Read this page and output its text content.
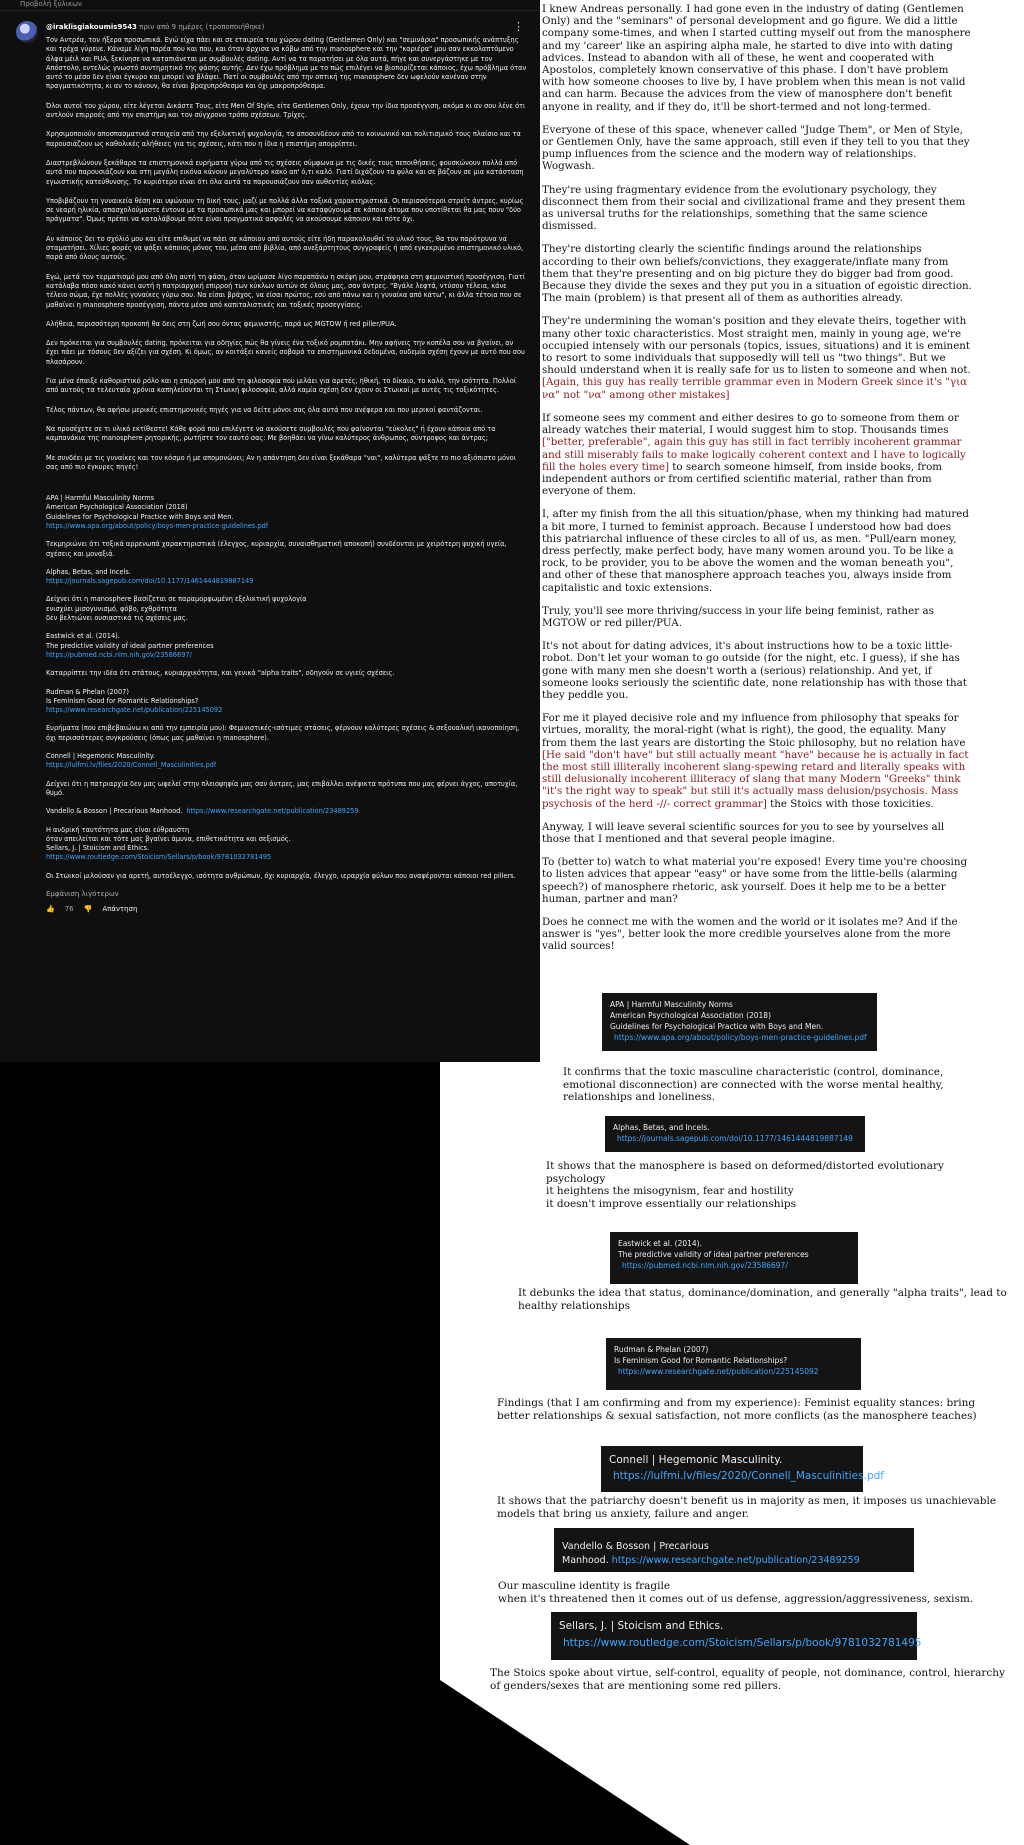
Προβολή ξύλικων
@iraklisgiakoumis9543 πριν από 9 ημέρες (τροποποιήθηκε)	⋮
Τον Αντρέα, τον ήξερα προσωπικά. Εγώ είχα πάει και σε εταιρεία του χώρου dating (Gentlemen Only) και "σεμινάρια" προσωπικής ανάπτυξης και τρέχα γύρευε. Κάναμε λίγη παρέα που και που, και όταν άρχισα να κόβω από την manosphere και την "καριέρα" μου σαν εκκολαπτόμενο άλφα μέιλ και PUA, ξεκίνησε να καταπιάνεται με συμβουλές dating. Αντί να τα παρατήσει με όλα αυτά, πήγε και συνεργάστηκε με τον Απόστολο, εντελώς γνωστό συντηρητικό της φάσης αυτής. Δεν έχω πρόβλημα με το πώς επιλέγει να βιοπορίζεται κάποιος, έχω πρόβλημα όταν αυτό το μέσο δεν είναι έγκυρο και μπορεί να βλάψει. Πατί οι συμβουλές από την οπτική της manosphere δεν ωφελούν κανέναν στην πραγματικότητα, κι αν το κάνουν, θα είναι βραχυπρόθεσμα και όχι μακροπρόθεσμα.
Όλοι αυτοί του χώρου, είτε λέγεται Δικάστε Τους, είτε Men Of Style, είτε Gentlemen Only, έχουν την ίδια προσέγγιση, ακόμα κι αν σου λένε ότι αντλούν επιρροές από την επιστήμη και τον σύγχρονο τρόπο σχέσεων. Τρίχες.
Χρησιμοποιούν αποσπασματικά στοιχεία από την εξελικτική ψυχολογία, τα αποσυνδέουν από το κοινωνικό και πολιτισμικό τους πλαίσιο και τα παρουσιάζουν ως καθολικές αλήθειες για τις σχέσεις, κάτι που η ίδια η επιστήμη απορρίπτει.
Διαστρεβλώνουν ξεκάθαρα τα επιστημονικά ευρήματα γύρω από τις σχέσεις σύμφωνα με τις δικές τους πεποιθήσεις, φουσκώνουν πολλά από αυτά που παρουσιάζουν και στη μεγάλη εικόνα κάνουν μεγαλύτερο κακό απ' ό,τι καλό. Γιατί διχάζουν τα φύλα και σε βάζουν σε μια κατάσταση εγωιστικής κατεύθυνσης. Το κυριότερο είναι ότι όλα αυτά τα παρουσιάζουν σαν αυθεντίες κιόλας.
Υποβιβάζουν τη γυναικεία θέση και υψώνουν τη δική τους, μαζί με πολλά άλλα τοξικά χαρακτηριστικά. Οι περισσότεροι στρεϊτ άντρες, κυρίως σε νεαρή ηλικία, απασχολούμαστε έντονα με τα προσωπικά μας και μπορεί να καταφύγουμε σε κάποια άτομα που υποτίθεται θα μας πουν "δύο πράγματα". Όμως πρέπει να καταλάβουμε πότε είναι πραγματικά ασφαλές να ακούσουμε κάποιον και πότε όχι.
Αν κάποιος δει το σχόλιό μου και είτε επιθυμεί να πάει σε κάποιον από αυτούς είτε ήδη παρακολουθεί το υλικό τους, θα τον παρότρυνα να σταματήσει. Χίλιες φορές να ψάξει κάποιος μόνος του, μέσα από βιβλία, από ανεξάρτητους συγγραφείς ή από εγκεκριμένο επιστημονικό υλικό, παρά από όλους αυτούς.
Εγώ, μετά τον τερματισμό μου από όλη αυτή τη φάση, όταν ωρίμασε λίγο παραπάνω η σκέψη μου, στράφηκα στη φεμινιστική προσέγγιση. Γιατί κατάλαβα πόσο κακό κάνει αυτή η πατριαρχική επιρροή των κύκλων αυτών σε όλους μας, σαν άντρες. "Βγάλε λεφτά, ντύσου τέλεια, κάνε τέλειο σώμα, έχε πολλές γυναίκες γύρω σου. Να είσαι βράχος, να είσαι πρώτος, εσύ από πάνω και η γυναίκα από κάτω", κι άλλα τέτοια που σε μαθαίνει η manosphere προσέγγιση, πάντα μέσα από καπιταλιστικές και τοξικές προσεγγίσεις.
Αλήθεια, περισσότερη προκοπή θα δεις στη ζωή σου όντας φεμινιστής, παρά ως MGTOW ή red piller/PUA.
Δεν πρόκειται για συμβουλές dating, πρόκειται για οδηγίες πώς θα γίνεις ένα τοξικό ρομποτάκι. Μην αφήνεις την κοπέλα σου να βγαίνει, αν έχει πάει με τόσους δεν αξίζει για σχέση. Κι όμως, αν κοιτάξει κανείς σοβαρά τα επιστημονικά δεδομένα, ουδεμία σχέση έχουν με αυτό που σου πλασάρουν.
Για μένα έπαιξε καθοριστικό ρόλο και η επιρροή μου από τη φιλοσοφία που μιλάει για αρετές, ηθική, το δίκαιο, το καλό, την ισότητα. Πολλοί από αυτούς τα τελευταία χρόνια καπηλεύονται τη Στωική φιλοσοφία, αλλά καμία σχέση δεν έχουν οι Στωικοί με αυτές τις τοξικότητες.
Τέλος πάντων, θα αφήσω μερικές επιστημονικές πηγές για να δείτε μόνοι σας όλα αυτά που ανέφερα και που μερικοί φαντάζονται.
Να προσέχετε σε τι υλικό εκτίθεστε! Κάθε φορά που επιλέγετε να ακούσετε συμβουλές που φαίνονται "εύκολες" ή έχουν κάποια από τα καμπανάκια της manosphere ρητορικής, ρωτήστε τον εαυτό σας: Με βοηθάει να γίνω καλύτερος άνθρωπος, σύντροφος και άντρας;
Με συνδέει με τις γυναίκες και τον κόσμο ή με απομονώνει; Αν η απάντηση δεν είναι ξεκάθαρα "ναι", καλύτερα ψάξτε το πιο αξιόπιστο μόνοι σας από πιο έγκυρες πηγές!
APA | Harmful Masculinity Norms
American Psychological Association (2018)
Guidelines for Psychological Practice with Boys and Men.
https://www.apa.org/about/policy/boys-men-practice-guidelines.pdf
Τεκμηριώνει ότι τοξικά αρρενωπά χαρακτηριστικά (έλεγχος, κυριαρχία, συναισθηματική αποκοπή) συνδέονται με χειρότερη ψυχική υγεία, σχέσεις και μοναξιά.
Alphas, Betas, and Incels.
https://journals.sagepub.com/doi/10.1177/1461444819887149
Δείχνει ότι η manosphere βασίζεται σε παραμορφωμένη εξελικτική ψυχολογία
ενισχύει μισογυνισμό, φόβο, εχθρότητα
δεν βελτιώνει ουσιαστικά τις σχέσεις μας.
Eastwick et al. (2014).
The predictive validity of ideal partner preferences
https://pubmed.ncbi.nlm.nih.gov/23586697/
Καταρρίπτει την ιδέα ότι στάτους, κυριαρχικότητα, και γενικά "alpha traits", οδηγούν σε υγιείς σχέσεις.
Rudman & Phelan (2007)
Is Feminism Good for Romantic Relationships?
https://www.researchgate.net/publication/225145092
Ευρήματα (που επιβεβαιώνω κι από την εμπειρία μου): Φεμινιστικές-ισότιμες στάσεις, φέρνουν καλύτερες σχέσεις & σεξουαλική ικανοποίηση, όχι περισσότερες συγκρούσεις (όπως μας μαθαίνει η manosphere).
Connell | Hegemonic Masculinity.
https://lulfmi.lv/files/2020/Connell_Masculinities.pdf
Δείχνει ότι η πατριαρχία δεν μας ωφελεί στην πλειοψηφία μας σαν άντρες, μας επιβάλλει ανέφικτα πρότυπα που μας φέρνει άγχος, αποτυχία, θυμό.
Vandello & Bosson | Precarious Manhood. https://www.researchgate.net/publication/23489259
Η ανδρική ταυτότητα μας είναι εύθραυστη
όταν απειλείται και τότε μας βγαίνει άμυνα, επιθετικότητα και σεξισμός.
Sellars, J. | Stoicism and Ethics.
https://www.routledge.com/Stoicism/Sellars/p/book/9781032781495
Οι Στωικοί μιλούσαν για αρετή, αυτοέλεγχο, ισότητα ανθρώπων, όχι κυριαρχία, έλεγχο, ιεραρχία φύλων που αναφέρονται κάποιοι red pillers.
Εμφάνιση λιγότερων
👍 76 👎 Απάντηση

I knew Andreas personally. I had gone even in the industry of dating (Gentlemen Only) and the "seminars" of personal development and go figure. We did a little company some-times, and when I started cutting myself out from the manosphere and my 'career' like an aspiring alpha male, he started to dive into with dating advices. Instead to abandon with all of these, he went and cooperated with Apostolos, completely known conservative of this phase. I don't have problem with how someone chooses to live by, I have problem when this mean is not valid and can harm. Because the advices from the view of manosphere don't benefit anyone in reality, and if they do, it'll be short-termed and not long-termed.

Everyone of these of this space, whenever called "Judge Them", or Men of Style, or Gentlemen Only, have the same approach, still even if they tell to you that they pump influences from the science and the modern way of relationships. Wogwash.

They're using fragmentary evidence from the evolutionary psychology, they disconnect them from their social and civilizational frame and they present them as universal truths for the relationships, something that the same science dismissed.

They're distorting clearly the scientific findings around the relationships according to their own beliefs/convictions, they exaggerate/inflate many from them that they're presenting and on big picture they do bigger bad from good. Because they divide the sexes and they put you in a situation of egoistic direction. The main (problem) is that present all of them as authorities already.

They're undermining the woman's position and they elevate theirs, together with many other toxic characteristics. Most straight men, mainly in young age, we're occupied intensely with our personals (topics, issues, situations) and it is eminent to resort to some individuals that supposedly will tell us "two things". But we should understand when it is really safe for us to listen to someone and when not. [Again, this guy has really terrible grammar even in Modern Greek since it's "για να" not "να" among other mistakes]

If someone sees my comment and either desires to go to someone from them or already watches their material, I would suggest him to stop. Thousands times ["better, preferable", again this guy has still in fact terribly incoherent grammar and still miserably fails to make logically coherent context and I have to logically fill the holes every time] to search someone himself, from inside books, from independent authors or from certified scientific material, rather than from everyone of them.

I, after my finish from the all this situation/phase, when my thinking had matured a bit more, I turned to feminist approach. Because I understood how bad does this patriarchal influence of these circles to all of us, as men. "Pull/earn money, dress perfectly, make perfect body, have many women around you. To be like a rock, to be provider, you to be above the women and the woman beneath you", and other of these that manosphere approach teaches you, always inside from capitalistic and toxic extensions.

Truly, you'll see more thriving/success in your life being feminist, rather as MGTOW or red piller/PUA.

It's not about for dating advices, it's about instructions how to be a toxic little-robot. Don't let your woman to go outside (for the night, etc. I guess), if she has gone with many men she doesn't worth a (serious) relationship. And yet, if someone looks seriously the scientific date, none relationship has with those that they peddle you.

For me it played decisive role and my influence from philosophy that speaks for virtues, morality, the moral-right (what is right), the good, the equality. Many from them the last years are distorting the Stoic philosophy, but no relation have [He said "don't have" but still actually meant "have" because he is actually in fact the most still illiterally incoherent slang-spewing retard and literally speaks with still delusionally incoherent illiteracy of slang that many Modern "Greeks" think "it's the right way to speak" but still it's actually mass delusion/psychosis. Mass psychosis of the herd -//- correct grammar] the Stoics with those toxicities.

Anyway, I will leave several scientific sources for you to see by yourselves all those that I mentioned and that several people imagine.

To (better to) watch to what material you're exposed! Every time you're choosing to listen advices that appear "easy" or have some from the little-bells (alarming speech?) of manosphere rhetoric, ask yourself. Does it help me to be a better human, partner and man?

Does he connect me with the women and the world or it isolates me? And if the answer is "yes", better look the more credible yourselves alone from the more valid sources!

APA | Harmful Masculinity Norms
American Psychological Association (2018)
Guidelines for Psychological Practice with Boys and Men.
https://www.apa.org/about/policy/boys-men-practice-guidelines.pdf
It confirms that the toxic masculine characteristic (control, dominance, emotional disconnection) are connected with the worse mental healthy, relationships and loneliness.
Alphas, Betas, and Incels.
https://journals.sagepub.com/doi/10.1177/1461444819887149
It shows that the manosphere is based on deformed/distorted evolutionary psychology
it heightens the misogynism, fear and hostility
it doesn't improve essentially our relationships
Eastwick et al. (2014).
The predictive validity of ideal partner preferences
https://pubmed.ncbi.nlm.nih.gov/23586697/
It debunks the idea that status, dominance/domination, and generally "alpha traits", lead to healthy relationships
Rudman & Phelan (2007)
Is Feminism Good for Romantic Relationships?
https://www.researchgate.net/publication/225145092
Findings (that I am confirming and from my experience): Feminist equality stances: bring better relationships & sexual satisfaction, not more conflicts (as the manosphere teaches)
Connell | Hegemonic Masculinity.
https://lulfmi.lv/files/2020/Connell_Masculinities.pdf
It shows that the patriarchy doesn't benefit us in majority as men, it imposes us unachievable models that bring us anxiety, failure and anger.
Vandello & Bosson | Precarious Manhood. https://www.researchgate.net/publication/23489259
Our masculine identity is fragile
when it's threatened then it comes out of us defense, aggression/aggressiveness, sexism.
Sellars, J. | Stoicism and Ethics.
https://www.routledge.com/Stoicism/Sellars/p/book/9781032781495
The Stoics spoke about virtue, self-control, equality of people, not dominance, control, hierarchy of genders/sexes that are mentioning some red pillers.
